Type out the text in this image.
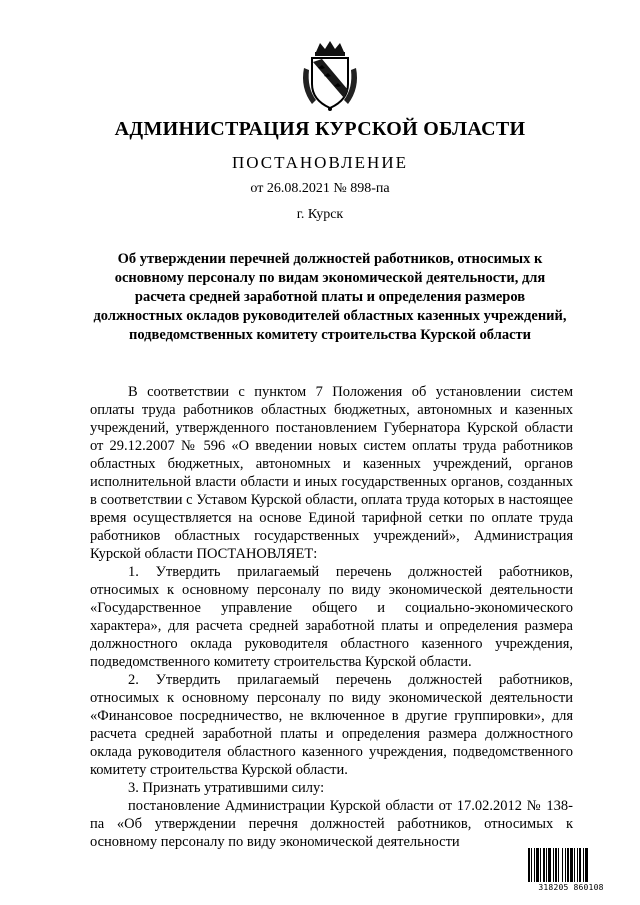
АДМИНИСТРАЦИЯ КУРСКОЙ ОБЛАСТИ
ПОСТАНОВЛЕНИЕ
от 26.08.2021 № 898-па
г. Курск
Об утверждении перечней должностей работников, относимых к основному персоналу по видам экономической деятельности, для расчета средней заработной платы и определения размеров должностных окладов руководителей областных казенных учреждений, подведомственных комитету строительства Курской области

В соответствии с пунктом 7 Положения об установлении систем оплаты труда работников областных бюджетных, автономных и казенных учреждений, утвержденного постановлением Губернатора Курской области от 29.12.2007 № 596 «О введении новых систем оплаты труда работников областных бюджетных, автономных и казенных учреждений, органов исполнительной власти области и иных государственных органов, созданных в соответствии с Уставом Курской области, оплата труда которых в настоящее время осуществляется на основе Единой тарифной сетки по оплате труда работников областных государственных учреждений», Администрация Курской области ПОСТАНОВЛЯЕТ:

1. Утвердить прилагаемый перечень должностей работников, относимых к основному персоналу по виду экономической деятельности «Государственное управление общего и социально-экономического характера», для расчета средней заработной платы и определения размера должностного оклада руководителя областного казенного учреждения, подведомственного комитету строительства Курской области.

2. Утвердить прилагаемый перечень должностей работников, относимых к основному персоналу по виду экономической деятельности «Финансовое посредничество, не включенное в другие группировки», для расчета средней заработной платы и определения размера должностного оклада руководителя областного казенного учреждения, подведомственного комитету строительства Курской области.

3. Признать утратившими силу:

постановление Администрации Курской области от 17.02.2012 № 138-па «Об утверждении перечня должностей работников, относимых к основному персоналу по виду экономической деятельности

318205 860108
